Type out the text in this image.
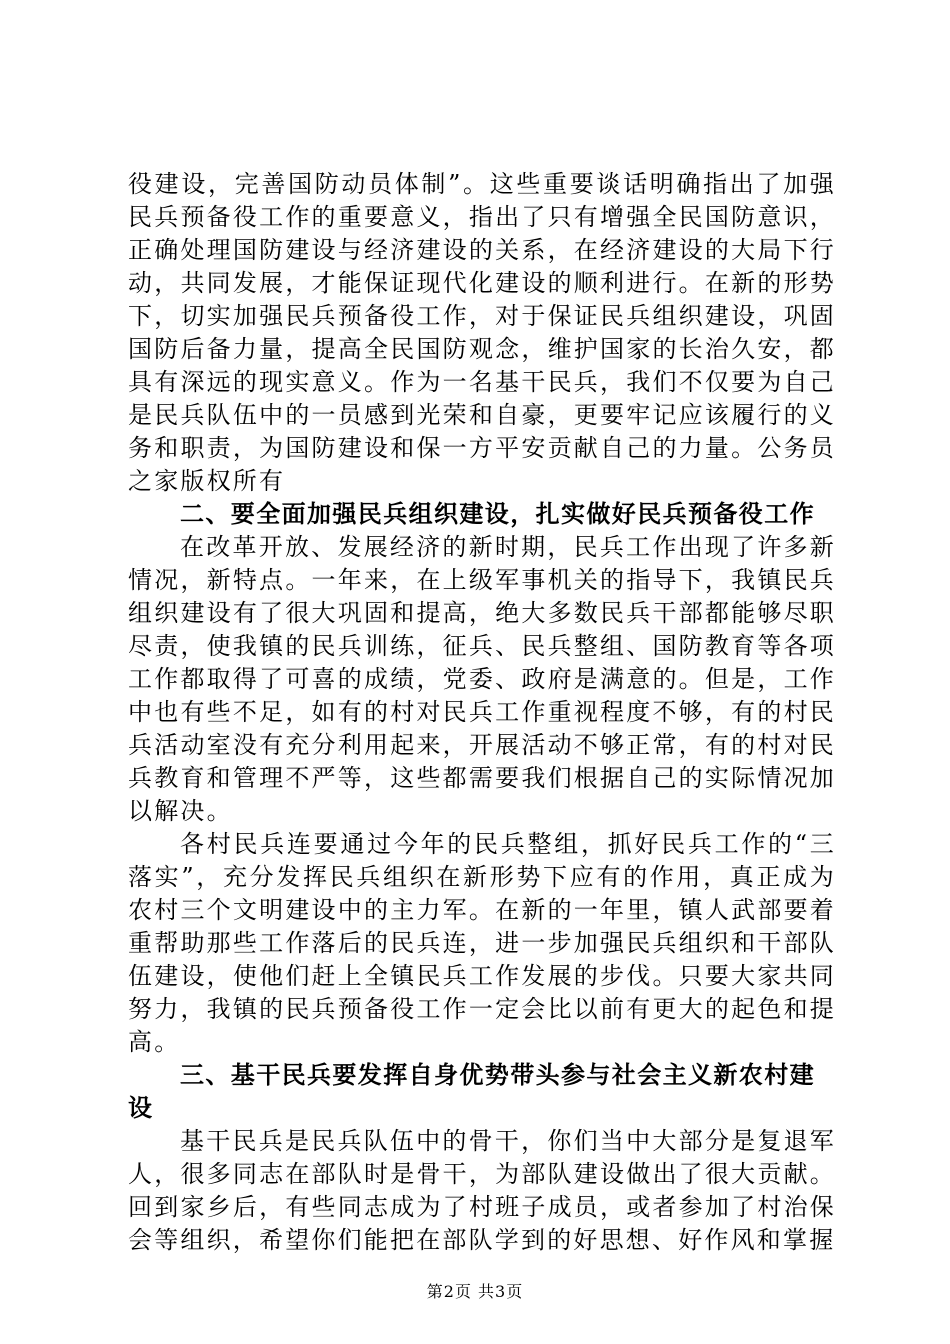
役建设，完善国防动员体制”。这些重要谈话明确指出了加强民兵预备役工作的重要意义，指出了只有增强全民国防意识，正确处理国防建设与经济建设的关系，在经济建设的大局下行动，共同发展，才能保证现代化建设的顺利进行。在新的形势下，切实加强民兵预备役工作，对于保证民兵组织建设，巩固国防后备力量，提高全民国防观念，维护国家的长治久安，都具有深远的现实意义。作为一名基干民兵，我们不仅要为自己是民兵队伍中的一员感到光荣和自豪，更要牢记应该履行的义务和职责，为国防建设和保一方平安贡献自己的力量。公务员之家版权所有

二、要全面加强民兵组织建设，扎实做好民兵预备役工作

在改革开放、发展经济的新时期，民兵工作出现了许多新情况，新特点。一年来，在上级军事机关的指导下，我镇民兵组织建设有了很大巩固和提高，绝大多数民兵干部都能够尽职尽责，使我镇的民兵训练，征兵、民兵整组、国防教育等各项工作都取得了可喜的成绩，党委、政府是满意的。但是，工作中也有些不足，如有的村对民兵工作重视程度不够，有的村民兵活动室没有充分利用起来，开展活动不够正常，有的村对民兵教育和管理不严等，这些都需要我们根据自己的实际情况加以解决。

各村民兵连要通过今年的民兵整组，抓好民兵工作的“三落实”，充分发挥民兵组织在新形势下应有的作用，真正成为农村三个文明建设中的主力军。在新的一年里，镇人武部要着重帮助那些工作落后的民兵连，进一步加强民兵组织和干部队伍建设，使他们赶上全镇民兵工作发展的步伐。只要大家共同努力，我镇的民兵预备役工作一定会比以前有更大的起色和提高。

三、基干民兵要发挥自身优势带头参与社会主义新农村建设

基干民兵是民兵队伍中的骨干，你们当中大部分是复退军人，很多同志在部队时是骨干，为部队建设做出了很大贡献。回到家乡后，有些同志成为了村班子成员，或者参加了村治保会等组织，希望你们能把在部队学到的好思想、好作风和掌握

第2页 共3页
